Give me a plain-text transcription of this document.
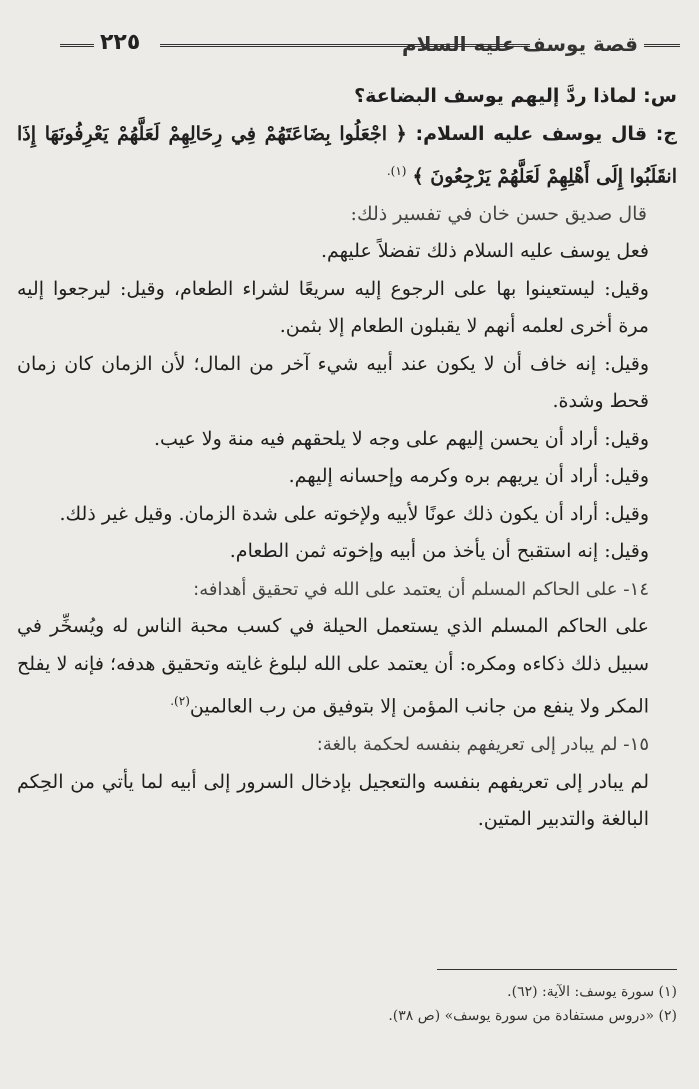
٢٢٥	قصة يوسف عليه السلام

س: لماذا ردَّ إليهم يوسف البضاعة؟

ج: قال يوسف عليه السلام: ﴿ اجْعَلُوا بِضَاعَتَهُمْ فِي رِحَالِهِمْ لَعَلَّهُمْ يَعْرِفُونَهَا إِذَا انقَلَبُوا إِلَى أَهْلِهِمْ لَعَلَّهُمْ يَرْجِعُونَ ﴾ $^{(١).}$

قال صديق حسن خان في تفسير ذلك:

فعل يوسف عليه السلام ذلك تفضلاً عليهم.

وقيل: ليستعينوا بها على الرجوع إليه سريعًا لشراء الطعام، وقيل: ليرجعوا إليه مرة أخرى لعلمه أنهم لا يقبلون الطعام إلا بثمن.

وقيل: إنه خاف أن لا يكون عند أبيه شيء آخر من المال؛ لأن الزمان كان زمان قحط وشدة.

وقيل: أراد أن يحسن إليهم على وجه لا يلحقهم فيه منة ولا عيب.

وقيل: أراد أن يريهم بره وكرمه وإحسانه إليهم.

وقيل: أراد أن يكون ذلك عونًا لأبيه ولإخوته على شدة الزمان. وقيل غير ذلك.

وقيل: إنه استقبح أن يأخذ من أبيه وإخوته ثمن الطعام.

١٤- على الحاكم المسلم أن يعتمد على الله في تحقيق أهدافه:

على الحاكم المسلم الذي يستعمل الحيلة في كسب محبة الناس له ويُسخِّر في سبيل ذلك ذكاءه ومكره: أن يعتمد على الله لبلوغ غايته وتحقيق هدفه؛ فإنه لا يفلح المكر ولا ينفع من جانب المؤمن إلا بتوفيق من رب العالمين$^{(٢).}$

١٥- لم يبادر إلى تعريفهم بنفسه لحكمة بالغة:

لم يبادر إلى تعريفهم بنفسه والتعجيل بإدخال السرور إلى أبيه لما يأتي من الحِكم البالغة والتدبير المتين.

(١) سورة يوسف: الآية: (٦٢).
(٢) «دروس مستفادة من سورة يوسف» (ص ٣٨).
